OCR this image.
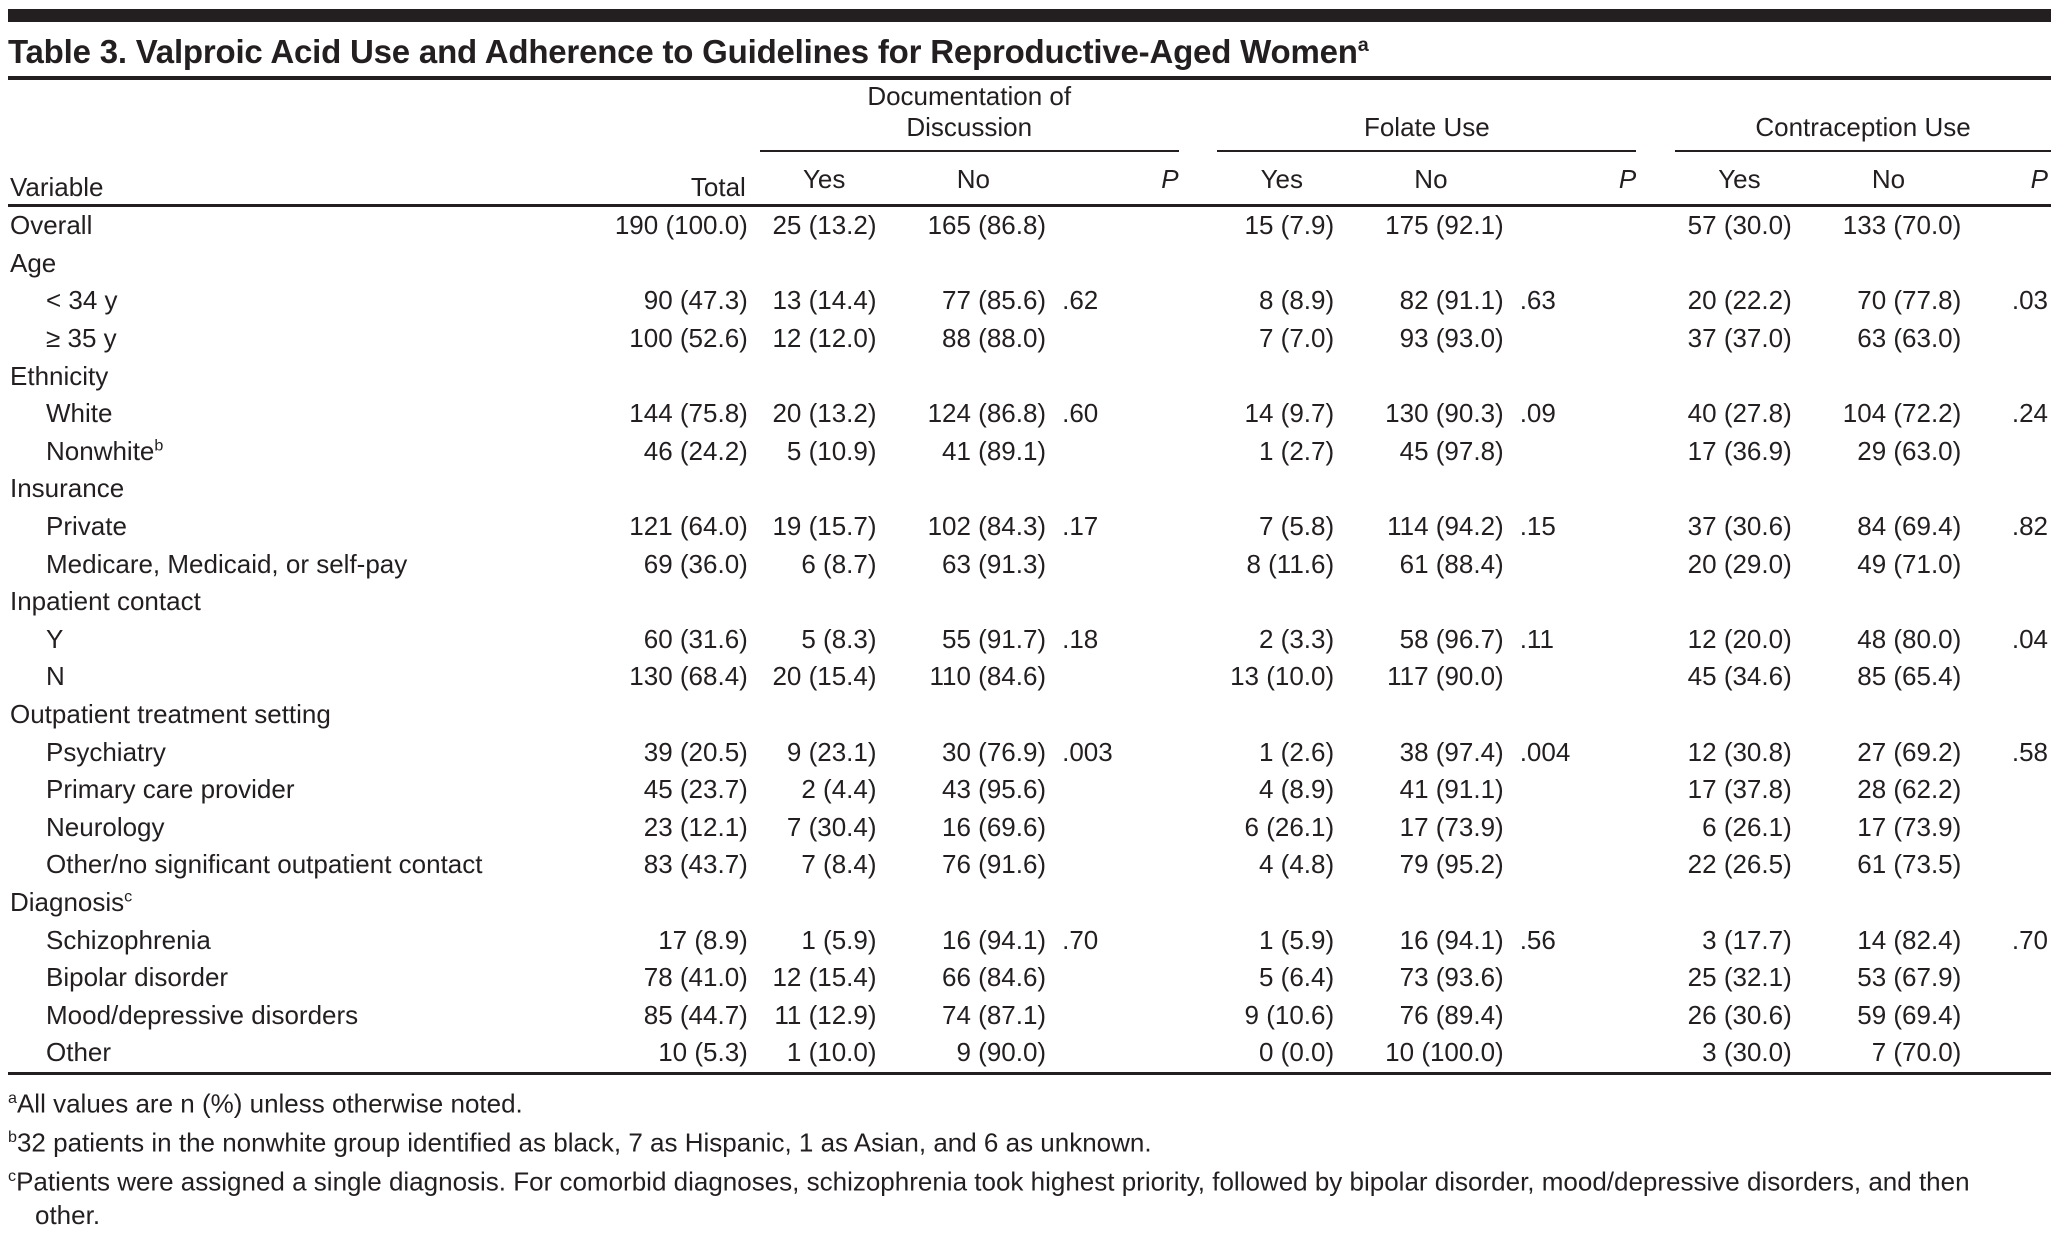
Table 3. Valproic Acid Use and Adherence to Guidelines for Reproductive-Aged Women$^a$
Variable	Total	Documentation of Discussion				Folate Use				Contraception Use		
		Yes	No	P		Yes	No	P		Yes	No	P
Overall	190 (100.0)	25 (13.2)	165 (86.8)			15 (7.9)	175 (92.1)			57 (30.0)	133 (70.0)	
Age												
< 34 y	90 (47.3)	13 (14.4)	77 (85.6)	.62		8 (8.9)	82 (91.1)	.63		20 (22.2)	70 (77.8)	.03
≥ 35 y	100 (52.6)	12 (12.0)	88 (88.0)			7 (7.0)	93 (93.0)			37 (37.0)	63 (63.0)	
Ethnicity												
White	144 (75.8)	20 (13.2)	124 (86.8)	.60		14 (9.7)	130 (90.3)	.09		40 (27.8)	104 (72.2)	.24
Nonwhite$^b$	46 (24.2)	5 (10.9)	41 (89.1)			1 (2.7)	45 (97.8)			17 (36.9)	29 (63.0)	
Insurance												
Private	121 (64.0)	19 (15.7)	102 (84.3)	.17		7 (5.8)	114 (94.2)	.15		37 (30.6)	84 (69.4)	.82
Medicare, Medicaid, or self-pay	69 (36.0)	6 (8.7)	63 (91.3)			8 (11.6)	61 (88.4)			20 (29.0)	49 (71.0)	
Inpatient contact												
Y	60 (31.6)	5 (8.3)	55 (91.7)	.18		2 (3.3)	58 (96.7)	.11		12 (20.0)	48 (80.0)	.04
N	130 (68.4)	20 (15.4)	110 (84.6)			13 (10.0)	117 (90.0)			45 (34.6)	85 (65.4)	
Outpatient treatment setting												
Psychiatry	39 (20.5)	9 (23.1)	30 (76.9)	.003		1 (2.6)	38 (97.4)	.004		12 (30.8)	27 (69.2)	.58
Primary care provider	45 (23.7)	2 (4.4)	43 (95.6)			4 (8.9)	41 (91.1)			17 (37.8)	28 (62.2)	
Neurology	23 (12.1)	7 (30.4)	16 (69.6)			6 (26.1)	17 (73.9)			6 (26.1)	17 (73.9)	
Other/no significant outpatient contact	83 (43.7)	7 (8.4)	76 (91.6)			4 (4.8)	79 (95.2)			22 (26.5)	61 (73.5)	
Diagnosis$^c$												
Schizophrenia	17 (8.9)	1 (5.9)	16 (94.1)	.70		1 (5.9)	16 (94.1)	.56		3 (17.7)	14 (82.4)	.70
Bipolar disorder	78 (41.0)	12 (15.4)	66 (84.6)			5 (6.4)	73 (93.6)			25 (32.1)	53 (67.9)	
Mood/depressive disorders	85 (44.7)	11 (12.9)	74 (87.1)			9 (10.6)	76 (89.4)			26 (30.6)	59 (69.4)	
Other	10 (5.3)	1 (10.0)	9 (90.0)			0 (0.0)	10 (100.0)			3 (30.0)	7 (70.0)	
$^a$All values are n (%) unless otherwise noted.
$^b$32 patients in the nonwhite group identified as black, 7 as Hispanic, 1 as Asian, and 6 as unknown.
$^c$Patients were assigned a single diagnosis. For comorbid diagnoses, schizophrenia took highest priority, followed by bipolar disorder, mood/depressive disorders, and then other.
